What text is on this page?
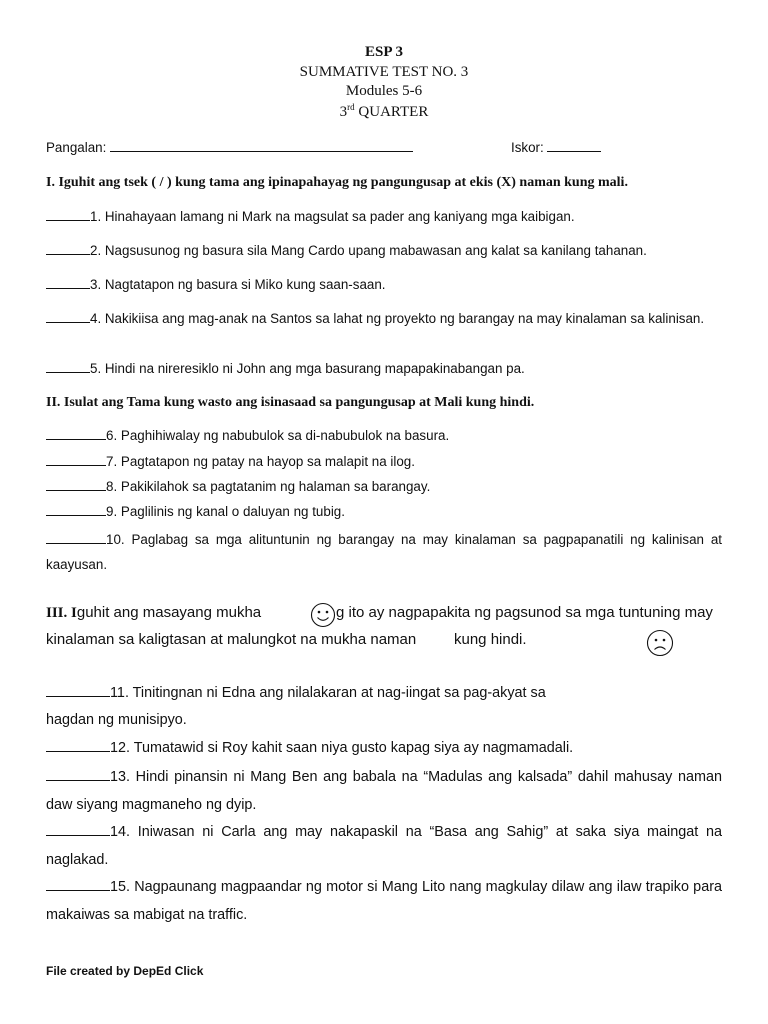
ESP 3
SUMMATIVE TEST NO. 3
Modules 5-6
3rd QUARTER
Pangalan:	Iskor:
I. Iguhit ang tsek ( / ) kung tama ang ipinapahayag ng pangungusap at ekis (X) naman kung mali.
1. Hinahayaan lamang ni Mark na magsulat sa pader ang kaniyang mga kaibigan.
2. Nagsusunog ng basura sila Mang Cardo upang mabawasan ang kalat sa kanilang tahanan.
3. Nagtatapon ng basura si Miko kung saan-saan.
4. Nakikiisa ang mag-anak na Santos sa lahat ng proyekto ng barangay na may kinalaman sa kalinisan.
5. Hindi na nireresiklo ni John ang mga basurang mapapakinabangan pa.
II. Isulat ang Tama kung wasto ang isinasaad sa pangungusap at Mali kung hindi.
6. Paghihiwalay ng nabubulok sa di-nabubulok na basura.
7. Pagtatapon ng patay na hayop sa malapit na ilog.
8. Pakikilahok sa pagtatanim ng halaman sa barangay.
9. Paglilinis ng kanal o daluyan ng tubig.
10. Paglabag sa mga alituntunin ng barangay na may kinalaman sa pagpapanatili ng kalinisan at kaayusan.
III. Iguhit ang masayang mukha	g ito ay nagpapakita ng pagsunod sa mga tuntuning may
kinalaman sa kaligtasan at malungkot na mukha naman	kung hindi.
11. Tinitingnan ni Edna ang nilalakaran at nag-iingat sa pag-akyat sa
hagdan ng munisipyo.
12. Tumatawid si Roy kahit saan niya gusto kapag siya ay nagmamadali.
13. Hindi pinansin ni Mang Ben ang babala na “Madulas ang kalsada” dahil mahusay naman daw siyang magmaneho ng dyip.
14. Iniwasan ni Carla ang may nakapaskil na “Basa ang Sahig” at saka siya maingat na naglakad.
15. Nagpaunang magpaandar ng motor si Mang Lito nang magkulay dilaw ang ilaw trapiko para makaiwas sa mabigat na traffic.
File created by DepEd Click
